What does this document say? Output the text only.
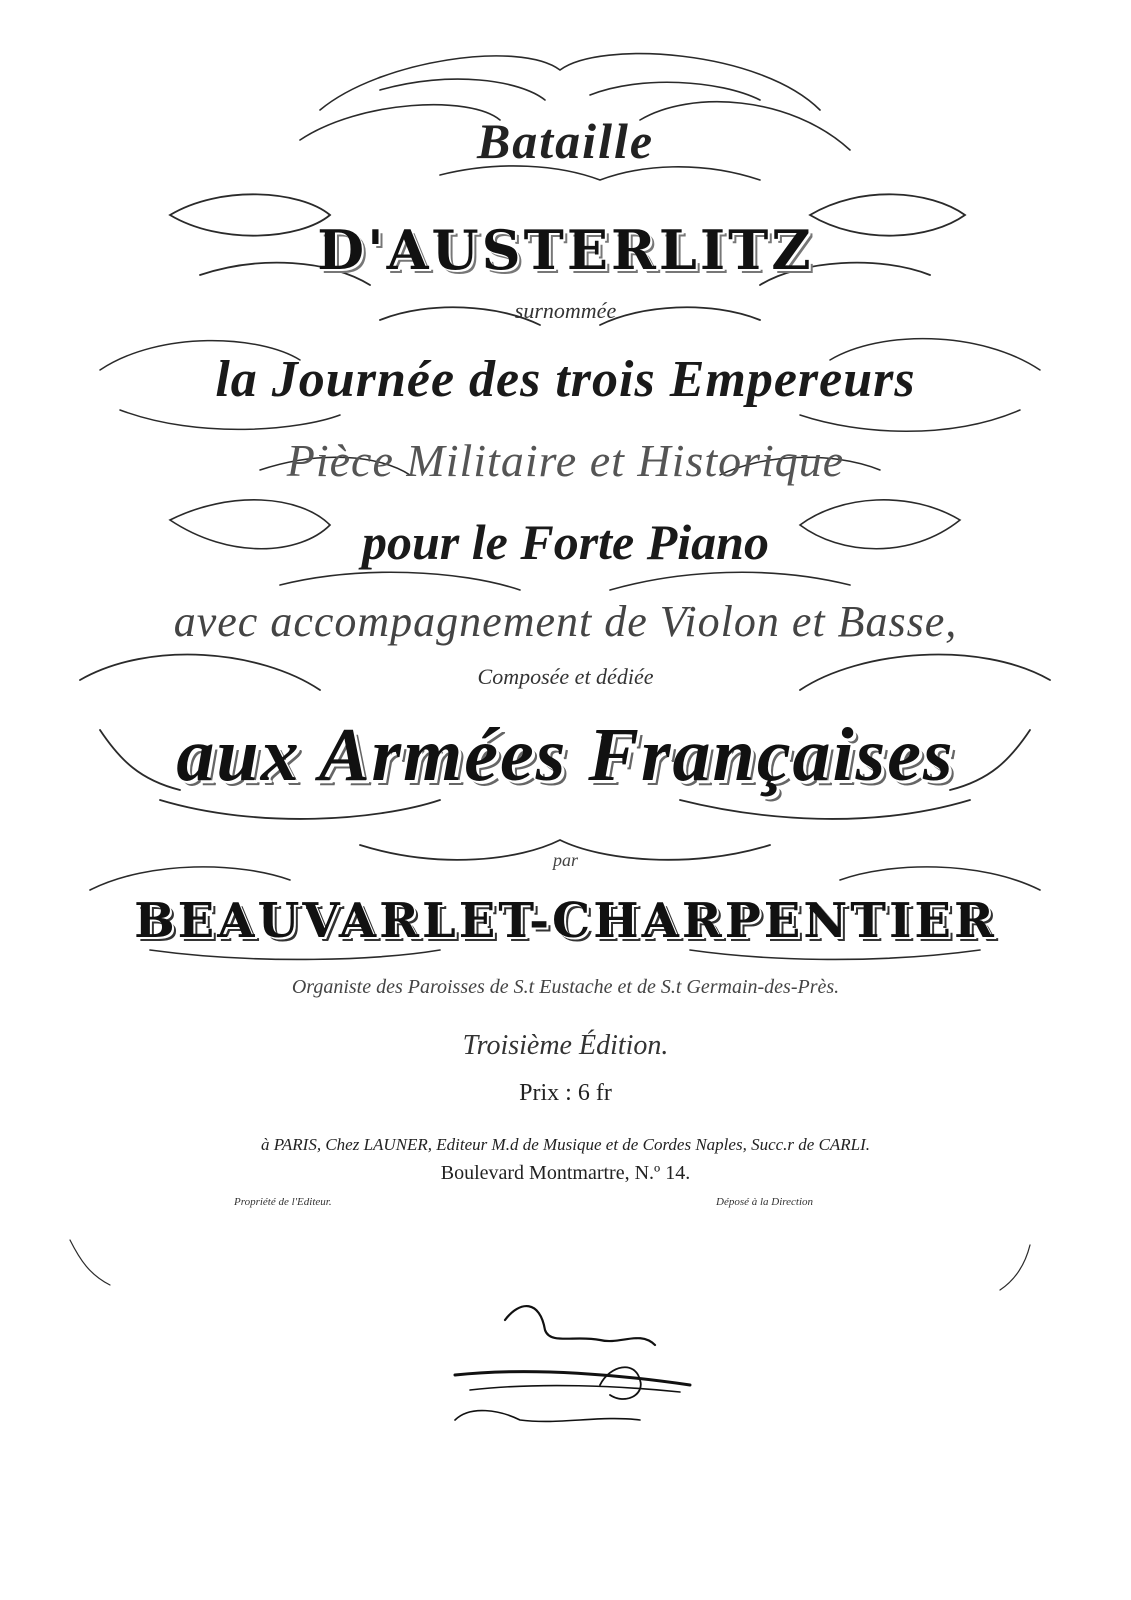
Bataille
D'AUSTERLITZ
surnommée
la Journée des trois Empereurs
Pièce Militaire et Historique
pour le Forte Piano
avec accompagnement de Violon et Basse,
Composée et dédiée
aux Armées Françaises
par
BEAUVARLET-CHARPENTIER
Organiste des Paroisses de S.t Eustache et de S.t Germain-des-Près.
Troisième Édition.
Prix : 6 fr
à PARIS, Chez LAUNER, Editeur M.d de Musique et de Cordes Naples, Succ.r de CARLI.
Boulevard Montmartre, N.º 14.
Propriété de l'Editeur.	Déposé à la Direction
